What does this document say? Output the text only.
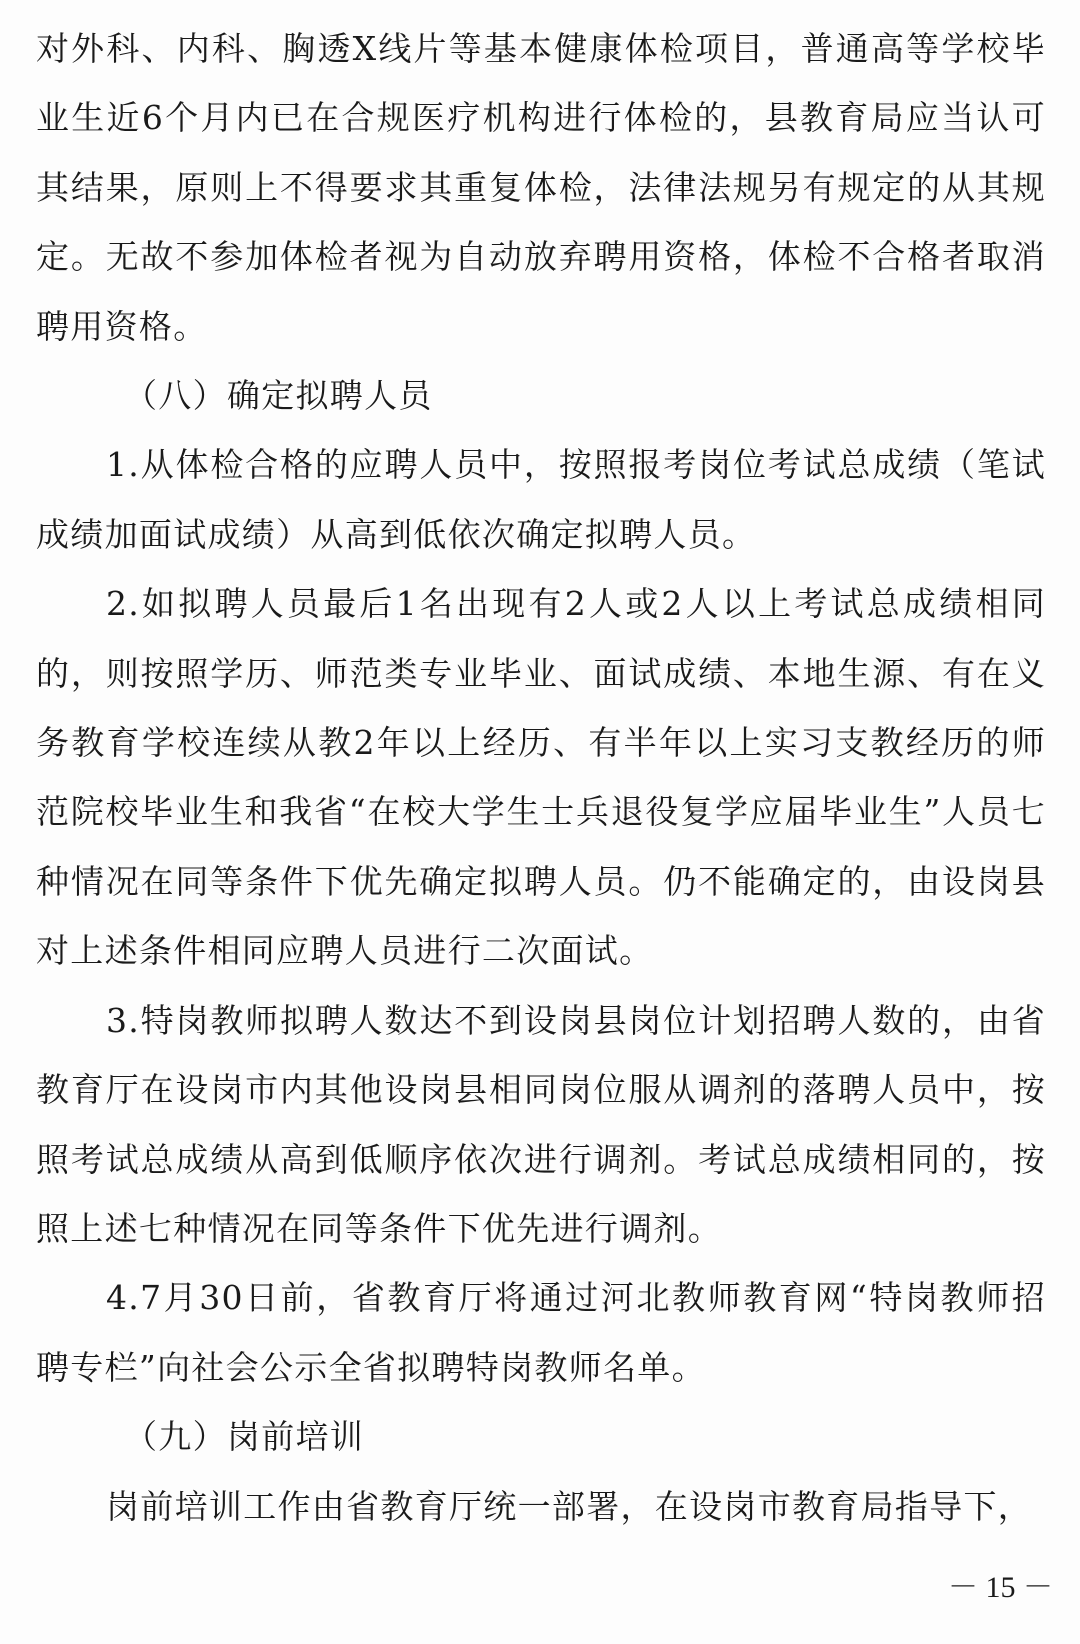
对外科、内科、胸透X线片等基本健康体检项目，普通高等学校毕业生近6个月内已在合规医疗机构进行体检的，县教育局应当认可其结果，原则上不得要求其重复体检，法律法规另有规定的从其规定。无故不参加体检者视为自动放弃聘用资格，体检不合格者取消聘用资格。

（八）确定拟聘人员

1.从体检合格的应聘人员中，按照报考岗位考试总成绩（笔试成绩加面试成绩）从高到低依次确定拟聘人员。

2.如拟聘人员最后1名出现有2人或2人以上考试总成绩相同的，则按照学历、师范类专业毕业、面试成绩、本地生源、有在义务教育学校连续从教2年以上经历、有半年以上实习支教经历的师范院校毕业生和我省“在校大学生士兵退役复学应届毕业生”人员七种情况在同等条件下优先确定拟聘人员。仍不能确定的，由设岗县对上述条件相同应聘人员进行二次面试。

3.特岗教师拟聘人数达不到设岗县岗位计划招聘人数的，由省教育厅在设岗市内其他设岗县相同岗位服从调剂的落聘人员中，按照考试总成绩从高到低顺序依次进行调剂。考试总成绩相同的，按照上述七种情况在同等条件下优先进行调剂。

4.7月30日前，省教育厅将通过河北教师教育网“特岗教师招聘专栏”向社会公示全省拟聘特岗教师名单。

（九）岗前培训

岗前培训工作由省教育厅统一部署，在设岗市教育局指导下，

－ 15 －
